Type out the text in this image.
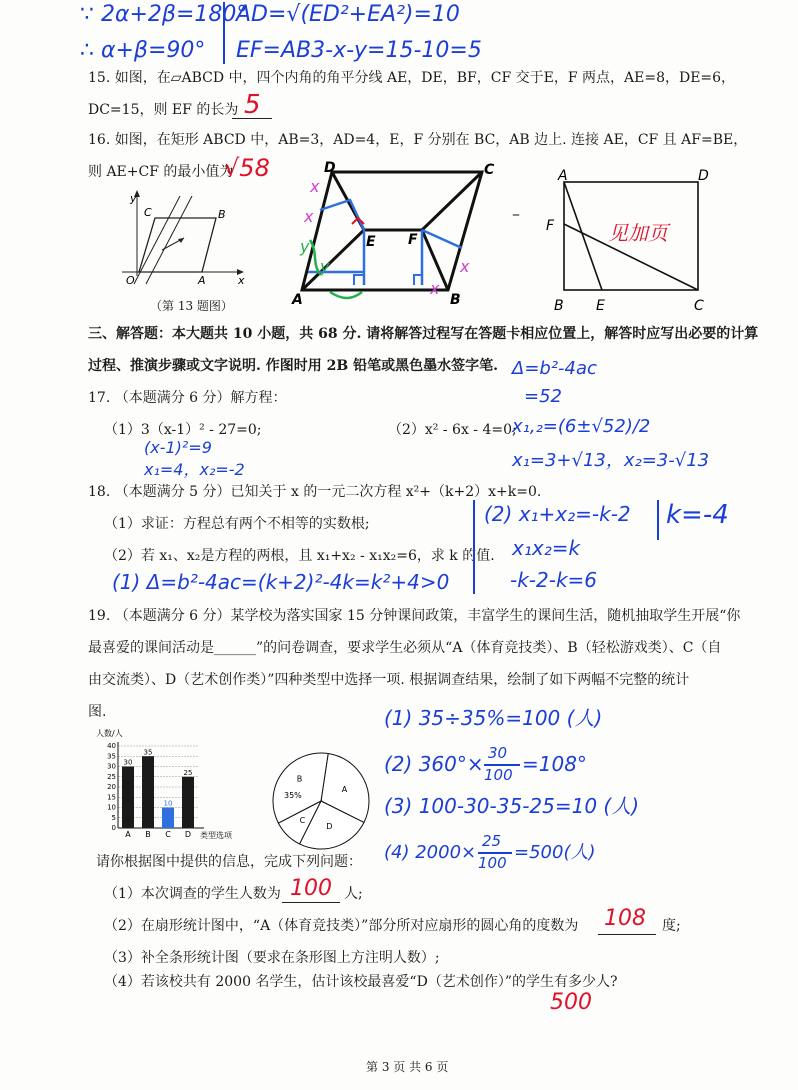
∵ 2α+2β=180°
∴ α+β=90°
AD=√(ED²+EA²)=10
EF=AB3-x-y=15-10=5
15. 如图，在▱ABCD 中，四个内角的角平分线 AE，DE，BF，CF 交于E，F 两点，AE=8，DE=6，
DC=15，则 EF 的长为 5
16. 如图，在矩形 ABCD 中，AB=3，AD=4，E，F 分别在 BC，AB 边上. 连接 AE，CF 且 AF=BE，
则 AE+CF 的最小值为
√58
y
C	B
O	A	x
（第 13 题图）
x
x
x
x
y
y
D	C
A	B
E F
–
A	D
F
B E	C
见加页
三、解答题：本大题共 10 小题，共 68 分. 请将解答过程写在答题卡相应位置上，解答时应写出必要的计算
过程、推演步骤或文字说明. 作图时用 2B 铅笔或黑色墨水签字笔.
17. （本题满分 6 分）解方程：
（1）3（x-1）² - 27=0;	（2）x² - 6x - 4=0;
(x-1)²=9
x₁=4，x₂=-2
Δ=b²-4ac
=52
x₁,₂=(6±√52)/2
x₁=3+√13，x₂=3-√13
18. （本题满分 5 分）已知关于 x 的一元二次方程 x²+（k+2）x+k=0.
（1）求证：方程总有两个不相等的实数根;
（2）若 x₁、x₂是方程的两根，且 x₁+x₂ - x₁x₂=6，求 k 的值.
(2) x₁+x₂=-k-2
x₁x₂=k
-k-2-k=6
k=-4
(1) Δ=b²-4ac=(k+2)²-4k=k²+4>0
19. （本题满分 6 分）某学校为落实国家 15 分钟课间政策，丰富学生的课间生活，随机抽取学生开展“你
最喜爱的课间活动是______”的问卷调查，要求学生必须从“A（体育竞技类）、B（轻松游戏类）、C（自
由交流类）、D（艺术创作类）”四种类型中选择一项. 根据调查结果，绘制了如下两幅不完整的统计
图.
人数/人
类型选项
0
5
10
15
20
25
30
35
40
A B C D
30
35
10
25
A
D
C
B
35%
(1) 35÷35%=100 (人)
(2) 360°× 30
100 =108°
(3) 100-30-35-25=10 (人)
(4) 2000×
25
100 =500(人)
请你根据图中提供的信息，完成下列问题：
（1）本次调查的学生人数为 100 人;
（2）在扇形统计图中，“A（体育竞技类）”部分所对应扇形的圆心角的度数为 108 度;
（3）补全条形统计图（要求在条形图上方注明人数）;
（4）若该校共有 2000 名学生，估计该校最喜爱“D（艺术创作）”的学生有多少人?
500
第 3 页 共 6 页
